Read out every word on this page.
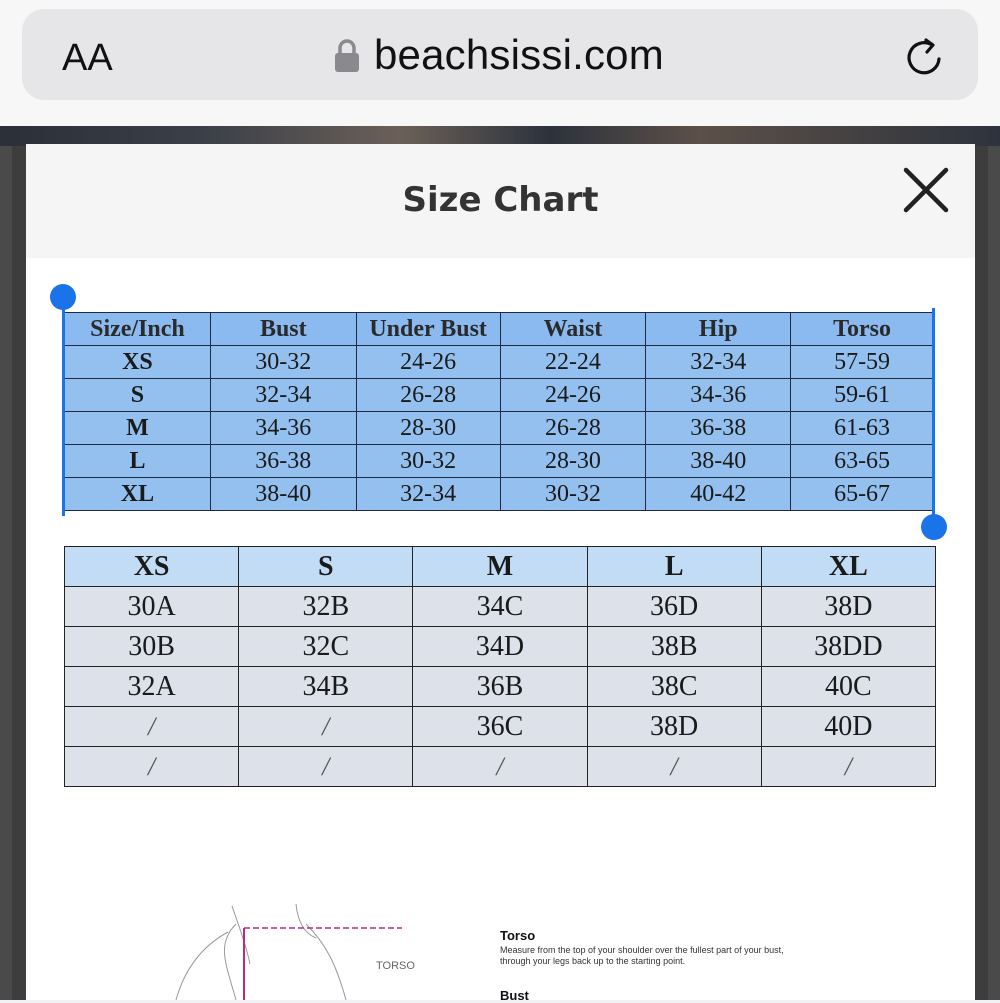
AA	beachsissi.com
Size Chart
Size/Inch	Bust	Under Bust	Waist	Hip	Torso
XS	30-32	24-26	22-24	32-34	57-59
S	32-34	26-28	24-26	34-36	59-61
M	34-36	28-30	26-28	36-38	61-63
L	36-38	30-32	28-30	38-40	63-65
XL	38-40	32-34	30-32	40-42	65-67
XS	S	M	L	XL
30A	32B	34C	36D	38D
30B	32C	34D	38B	38DD
32A	34B	36B	38C	40C
/	/	36C	38D	40D
/	/	/	/	/
TORSO
Torso
Measure from the top of your shoulder over the fullest part of your bust, through your legs back up to the starting point.
Bust
